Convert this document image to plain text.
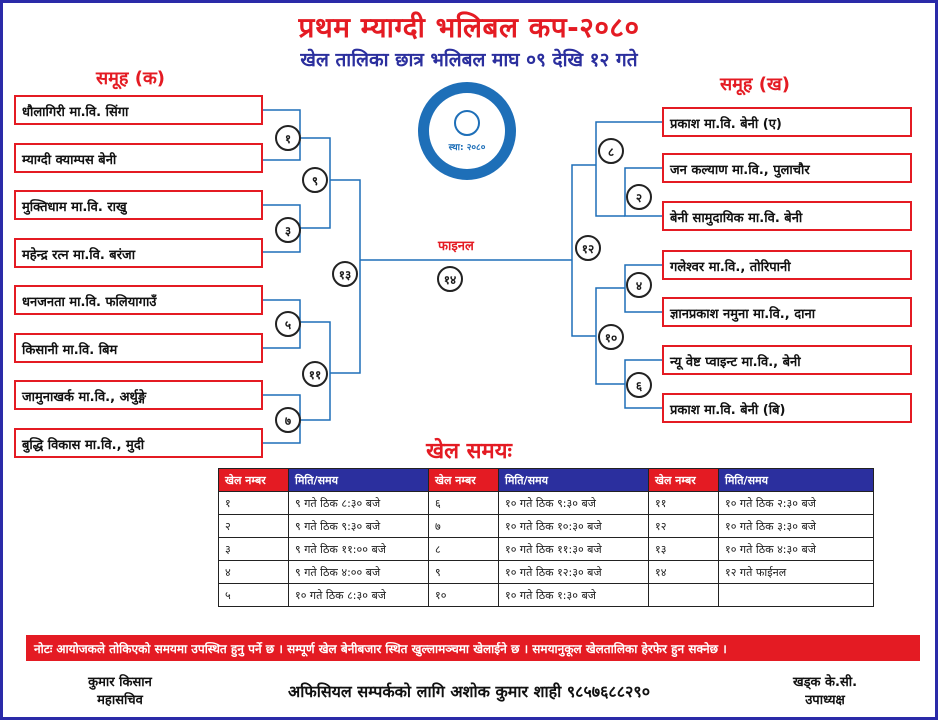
प्रथम म्याग्दी भलिबल कप-२०८०
खेल तालिका छात्र भलिबल माघ ०९ देखि १२ गते
समूह (क)	समूह (ख)
धौलागिरी मा.वि. सिंगा
म्याग्दी क्याम्पस बेनी
मुक्तिधाम मा.वि. राखु
महेन्द्र रत्न मा.वि. बरंजा
धनजनता मा.वि. फलियागाउँ
किसानी मा.वि. बिम
जामुनाखर्क मा.वि., अर्थुङ्गे
बुद्धि विकास मा.वि., मुदी
प्रकाश मा.वि. बेनी (ए)
जन कल्याण मा.वि., पुलाचौर
बेनी सामुदायिक मा.वि. बेनी
गलेश्वर मा.वि., तोरिपानी
ज्ञानप्रकाश नमुना मा.वि., दाना
न्यू वेष्ट प्वाइन्ट मा.वि., बेनी
प्रकाश मा.वि. बेनी (बि)
१
३
५
७
९
११
१३
फाइनल
१४
८
२
४
६
१०
१२
स्था: २०८०
खेल समयः
खेल नम्बर	मिति/समय	खेल नम्बर	मिति/समय	खेल नम्बर	मिति/समय
१	९ गते ठिक ८:३० बजे	६	१० गते ठिक ९:३० बजे	११	१० गते ठिक २:३० बजे
२	९ गते ठिक ९:३० बजे	७	१० गते ठिक १०:३० बजे	१२	१० गते ठिक ३:३० बजे
३	९ गते ठिक ११:०० बजे	८	१० गते ठिक ११:३० बजे	१३	१० गते ठिक ४:३० बजे
४	९ गते ठिक ४:०० बजे	९	१० गते ठिक १२:३० बजे	१४	१२ गते फाईनल
५	१० गते ठिक ८:३० बजे	१०	१० गते ठिक १:३० बजे		
नोटः आयोजकले तोकिएको समयमा उपस्थित हुनु पर्ने छ । सम्पूर्ण खेल बेनीबजार स्थित खुल्लामञ्चमा खेलाईने छ । समयानुकूल खेलतालिका हेरफेर हुन सक्नेछ ।
कुमार किसान
महासचिव	अफिसियल सम्पर्कको लागि अशोक कुमार शाही ९८५७६८८२९०	खड्क के.सी.
उपाध्यक्ष
